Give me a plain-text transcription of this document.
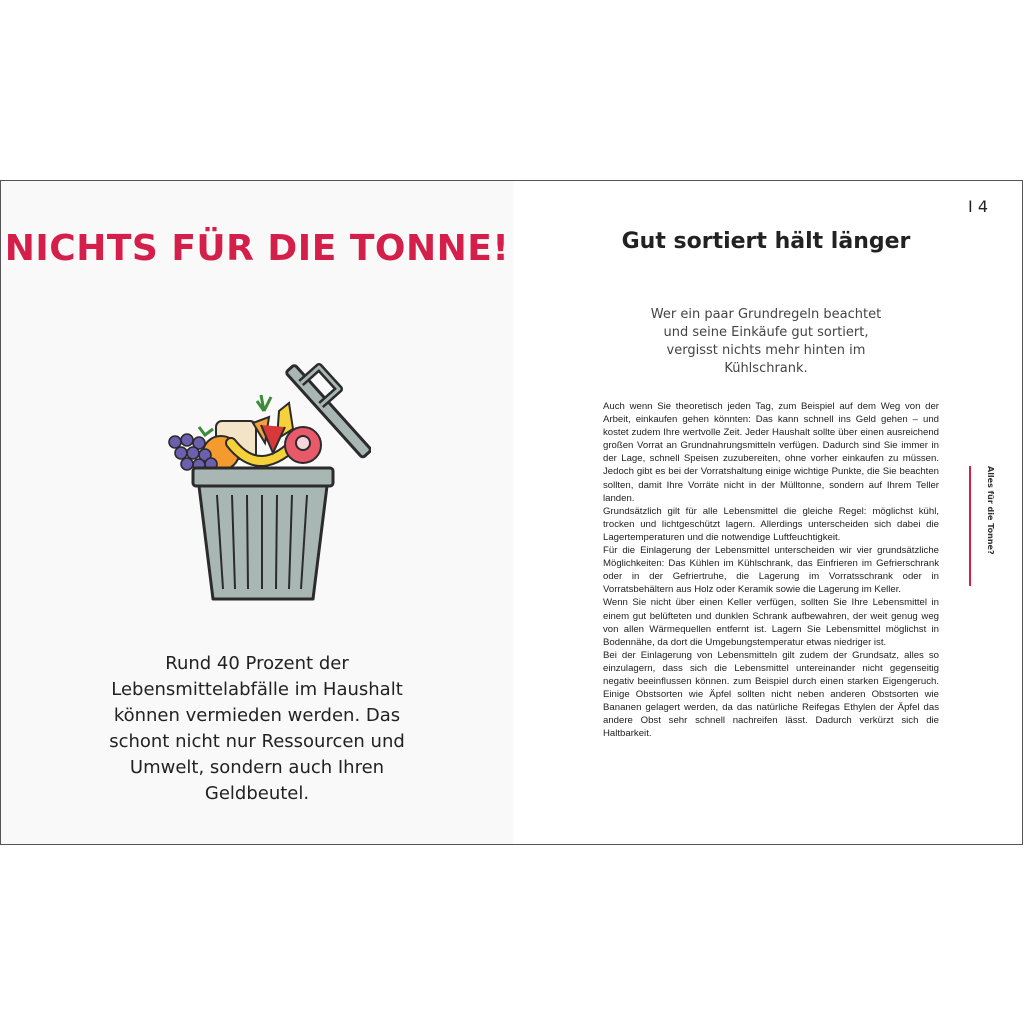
NICHTS FÜR DIE TONNE!

Rund 40 Prozent der Lebensmittelabfälle im Haushalt können vermieden werden. Das schont nicht nur Ressourcen und Umwelt, sondern auch Ihren Geldbeutel.

I 4
Gut sortiert hält länger

Wer ein paar Grundregeln beachtet und seine Einkäufe gut sortiert, vergisst nichts mehr hinten im Kühlschrank.

Auch wenn Sie theoretisch jeden Tag, zum Beispiel auf dem Weg von der Arbeit, einkaufen gehen könnten: Das kann schnell ins Geld gehen – und kostet zudem Ihre wertvolle Zeit. Jeder Haushalt sollte über einen ausreichend großen Vorrat an Grundnahrungsmitteln verfügen. Dadurch sind Sie immer in der Lage, schnell Speisen zuzubereiten, ohne vorher einkaufen zu müssen. Jedoch gibt es bei der Vorratshaltung einige wichtige Punkte, die Sie beachten sollten, damit Ihre Vorräte nicht in der Mülltonne, sondern auf Ihrem Teller landen.

Grundsätzlich gilt für alle Lebensmittel die gleiche Regel: möglichst kühl, trocken und lichtgeschützt lagern. Allerdings unterscheiden sich dabei die Lagertemperaturen und die notwendige Luftfeuchtigkeit.

Für die Einlagerung der Lebensmittel unterscheiden wir vier grundsätzliche Möglichkeiten: Das Kühlen im Kühlschrank, das Einfrieren im Gefrierschrank oder in der Gefriertruhe, die Lagerung im Vorratsschrank oder in Vorratsbehältern aus Holz oder Keramik sowie die Lagerung im Keller.

Wenn Sie nicht über einen Keller verfügen, sollten Sie Ihre Lebensmittel in einem gut belüfteten und dunklen Schrank aufbewahren, der weit genug weg von allen Wärmequellen entfernt ist. Lagern Sie Lebensmittel möglichst in Bodennähe, da dort die Umgebungstemperatur etwas niedriger ist.

Bei der Einlagerung von Lebensmitteln gilt zudem der Grundsatz, alles so einzulagern, dass sich die Lebensmittel untereinander nicht gegenseitig negativ beeinflussen können. zum Beispiel durch einen starken Eigengeruch. Einige Obstsorten wie Äpfel sollten nicht neben anderen Obstsorten wie Bananen gelagert werden, da das natürliche Reifegas Ethylen der Äpfel das andere Obst sehr schnell nachreifen lässt. Dadurch verkürzt sich die Haltbarkeit.

Alles für die Tonne?
